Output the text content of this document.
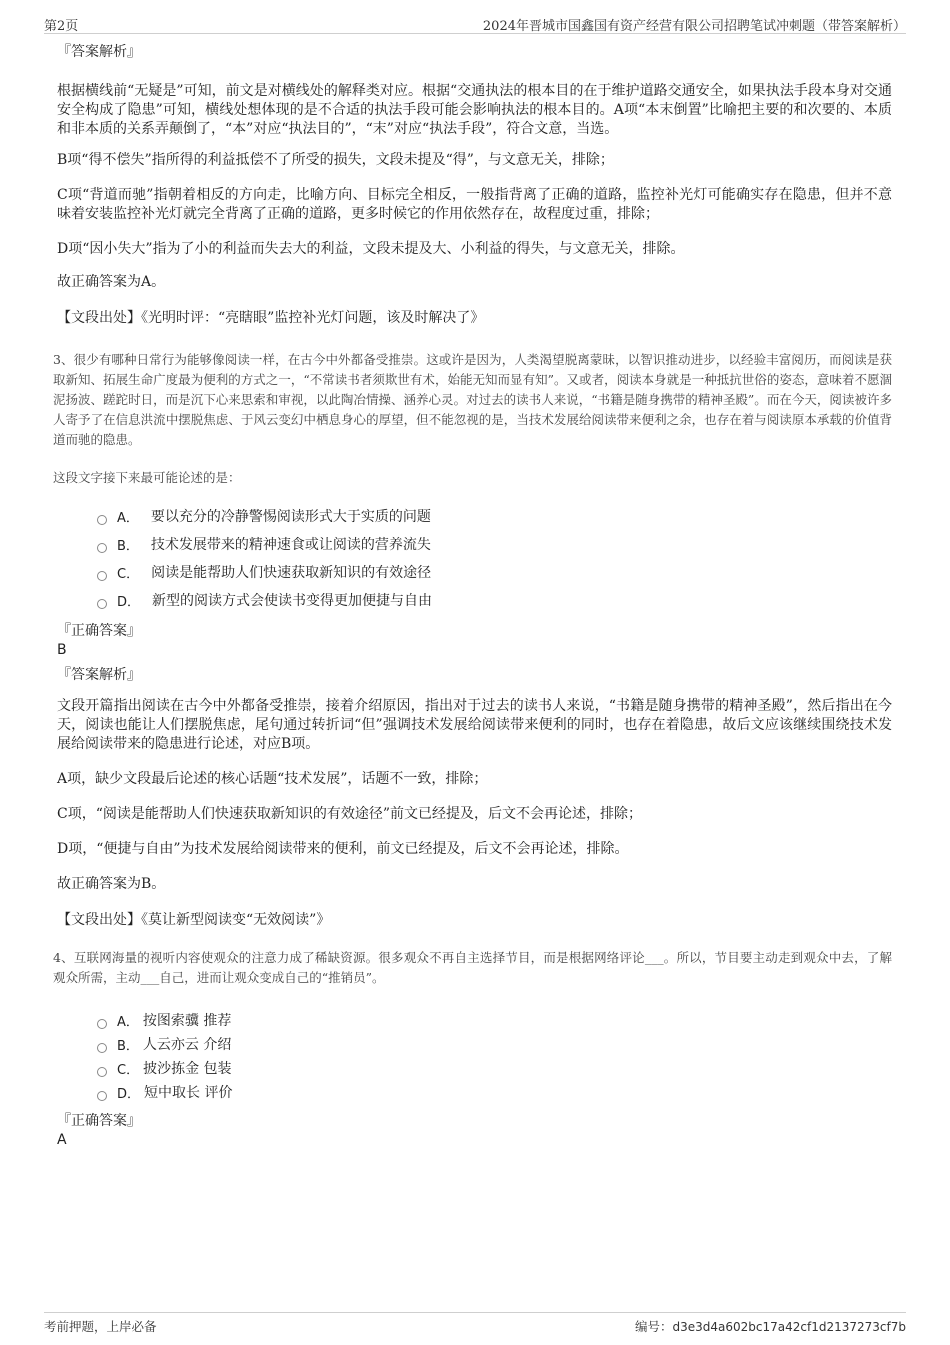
第2页	2024年晋城市国鑫国有资产经营有限公司招聘笔试冲刺题（带答案解析）
『答案解析』
根据横线前“无疑是”可知，前文是对横线处的解释类对应。根据“交通执法的根本目的在于维护道路交通安全，如果执法手段本身对交通安全构成了隐患”可知，横线处想体现的是不合适的执法手段可能会影响执法的根本目的。A项“本末倒置”比喻把主要的和次要的、本质和非本质的关系弄颠倒了，“本”对应“执法目的”，“末”对应“执法手段”，符合文意，当选。
B项“得不偿失”指所得的利益抵偿不了所受的损失，文段未提及“得”，与文意无关，排除；
C项“背道而驰”指朝着相反的方向走，比喻方向、目标完全相反，一般指背离了正确的道路，监控补光灯可能确实存在隐患，但并不意味着安装监控补光灯就完全背离了正确的道路，更多时候它的作用依然存在，故程度过重，排除；
D项“因小失大”指为了小的利益而失去大的利益，文段未提及大、小利益的得失，与文意无关，排除。
故正确答案为A。
【文段出处】《光明时评：“亮瞎眼”监控补光灯问题，该及时解决了》
3、很少有哪种日常行为能够像阅读一样，在古今中外都备受推崇。这或许是因为，人类渴望脱离蒙昧，以智识推动进步，以经验丰富阅历，而阅读是获取新知、拓展生命广度最为便利的方式之一，“不常读书者须欺世有术，始能无知而显有知”。又或者，阅读本身就是一种抵抗世俗的姿态，意味着不愿涸泥扬波、蹉跎时日，而是沉下心来思索和审视，以此陶冶情操、涵养心灵。对过去的读书人来说，“书籍是随身携带的精神圣殿”。而在今天，阅读被许多人寄予了在信息洪流中摆脱焦虑、于风云变幻中栖息身心的厚望，但不能忽视的是，当技术发展给阅读带来便利之余，也存在着与阅读原本承载的价值背道而驰的隐患。
这段文字接下来最可能论述的是：
A． 要以充分的冷静警惕阅读形式大于实质的问题
B． 技术发展带来的精神速食或让阅读的营养流失
C． 阅读是能帮助人们快速获取新知识的有效途径
D． 新型的阅读方式会使读书变得更加便捷与自由
『正确答案』
B
『答案解析』
文段开篇指出阅读在古今中外都备受推崇，接着介绍原因，指出对于过去的读书人来说，“书籍是随身携带的精神圣殿”，然后指出在今天，阅读也能让人们摆脱焦虑，尾句通过转折词“但”强调技术发展给阅读带来便利的同时，也存在着隐患，故后文应该继续围绕技术发展给阅读带来的隐患进行论述，对应B项。
A项，缺少文段最后论述的核心话题“技术发展”，话题不一致，排除；
C项，“阅读是能帮助人们快速获取新知识的有效途径”前文已经提及，后文不会再论述，排除；
D项，“便捷与自由”为技术发展给阅读带来的便利，前文已经提及，后文不会再论述，排除。
故正确答案为B。
【文段出处】《莫让新型阅读变“无效阅读”》
4、互联网海量的视听内容使观众的注意力成了稀缺资源。很多观众不再自主选择节目，而是根据网络评论___。所以，节目要主动走到观众中去，了解观众所需，主动___自己，进而让观众变成自己的“推销员”。
A． 按图索骥 推荐
B． 人云亦云 介绍
C． 披沙拣金 包装
D． 短中取长 评价
『正确答案』
A
考前押题，上岸必备	编号：d3e3d4a602bc17a42cf1d2137273cf7b
